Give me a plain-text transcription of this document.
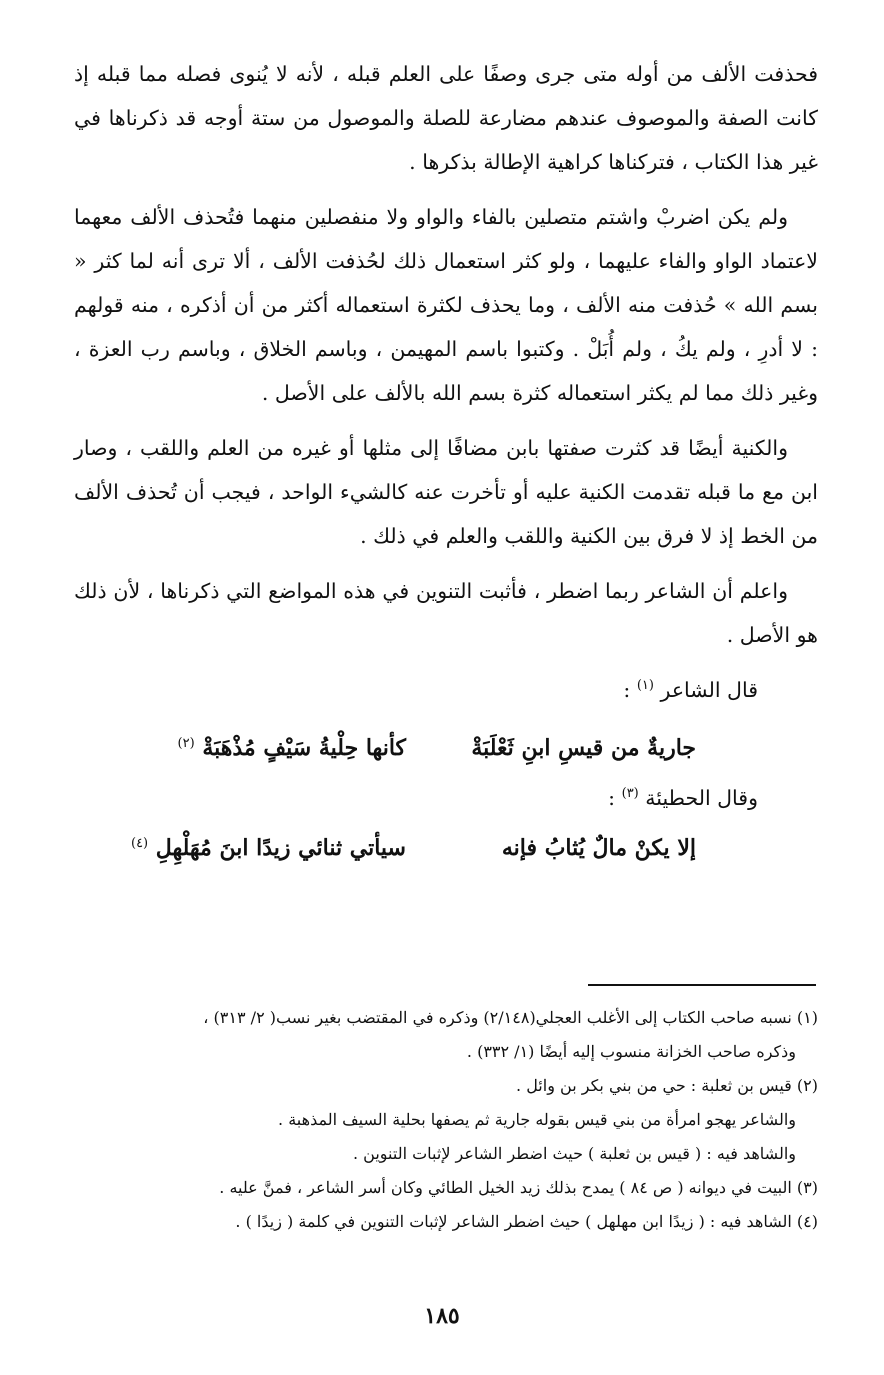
فحذفت الألف من أوله متى جرى وصفًا على العلم قبله ، لأنه لا يُنوى فصله مما قبله إذ كانت الصفة والموصوف عندهم مضارعة للصلة والموصول من ستة أوجه قد ذكرناها في غير هذا الكتاب ، فتركناها كراهية الإطالة بذكرها .

ولم يكن اضربْ واشتم متصلين بالفاء والواو ولا منفصلين منهما فتُحذف الألف معهما لاعتماد الواو والفاء عليهما ، ولو كثر استعمال ذلك لحُذفت الألف ، ألا ترى أنه لما كثر « بسم الله » حُذفت منه الألف ، وما يحذف لكثرة استعماله أكثر من أن أذكره ، منه قولهم : لا أدرِ ، ولم يكُ ، ولم أُبَلْ . وكتبوا باسم المهيمن ، وباسم الخلاق ، وباسم رب العزة ، وغير ذلك مما لم يكثر استعماله كثرة بسم الله بالألف على الأصل .

والكنية أيضًا قد كثرت صفتها بابن مضافًا إلى مثلها أو غيره من العلم واللقب ، وصار ابن مع ما قبله تقدمت الكنية عليه أو تأخرت عنه كالشيء الواحد ، فيجب أن تُحذف الألف من الخط إذ لا فرق بين الكنية واللقب والعلم في ذلك .

واعلم أن الشاعر ربما اضطر ، فأثبت التنوين في هذه المواضع التي ذكرناها ، لأن ذلك هو الأصل .

قال الشاعر $^{(١)}$ :

جاريةٌ من قيسِ ابنِ ثَعْلَبَةْ
كأنها حِلْيةُ سَيْفٍ مُذْهَبَةْ $^{(٢)}$

وقال الحطيئة $^{(٣)}$ :

إلا يكنْ مالٌ يُثابُ فإنه
سيأتي ثنائي زيدًا ابنَ مُهَلْهِلِ $^{(٤)}$

(١) نسبه صاحب الكتاب إلى الأغلب العجلي(٢/١٤٨) وذكره في المقتضب بغير نسب( ٢/ ٣١٣) ،

وذكره صاحب الخزانة منسوب إليه أيضًا (١/ ٣٣٢) .

(٢) قيس بن ثعلبة : حي من بني بكر بن وائل .

والشاعر يهجو امرأة من بني قيس بقوله جارية ثم يصفها بحلية السيف المذهبة .

والشاهد فيه : ( قيس بن ثعلبة ) حيث اضطر الشاعر لإثبات التنوين .

(٣) البيت في ديوانه ( ص ٨٤ ) يمدح بذلك زيد الخيل الطائي وكان أسر الشاعر ، فمنَّ عليه .

(٤) الشاهد فيه : ( زيدًا ابن مهلهل ) حيث اضطر الشاعر لإثبات التنوين في كلمة ( زيدًا ) .

١٨٥
